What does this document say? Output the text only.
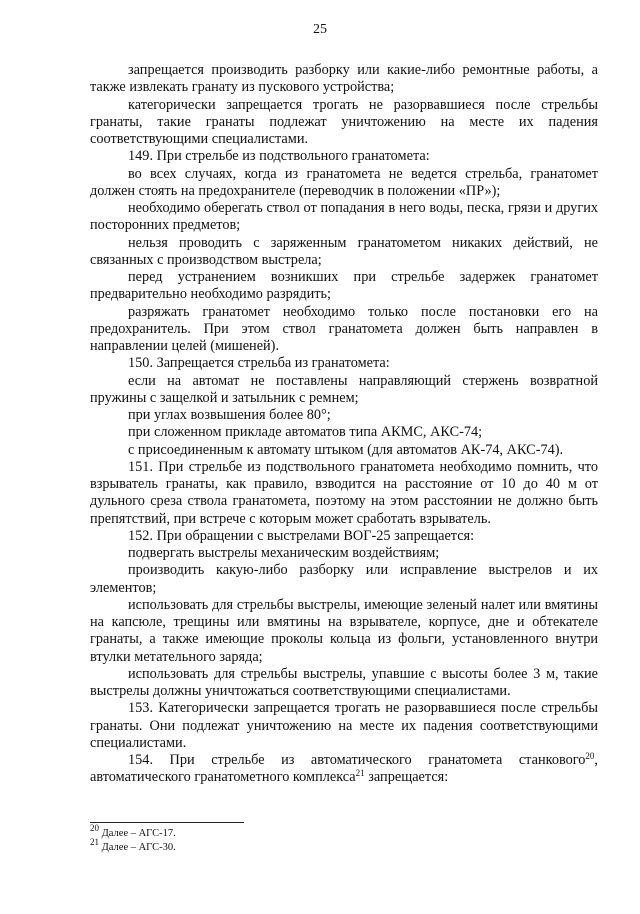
25

запрещается производить разборку или какие-либо ремонтные работы, а также извлекать гранату из пускового устройства;

категорически запрещается трогать не разорвавшиеся после стрельбы гранаты, такие гранаты подлежат уничтожению на месте их падения соответствующими специалистами.

149. При стрельбе из подствольного гранатомета:

во всех случаях, когда из гранатомета не ведется стрельба, гранатомет должен стоять на предохранителе (переводчик в положении «ПР»);

необходимо оберегать ствол от попадания в него воды, песка, грязи и других посторонних предметов;

нельзя проводить с заряженным гранатометом никаких действий, не связанных с производством выстрела;

перед устранением возникших при стрельбе задержек гранатомет предварительно необходимо разрядить;

разряжать гранатомет необходимо только после постановки его на предохранитель. При этом ствол гранатомета должен быть направлен в направлении целей (мишеней).

150. Запрещается стрельба из гранатомета:

если на автомат не поставлены направляющий стержень возвратной пружины с защелкой и затыльник с ремнем;

при углах возвышения более 80°;

при сложенном прикладе автоматов типа АКМС, АКС-74;

с присоединенным к автомату штыком (для автоматов АК-74, АКС-74).

151. При стрельбе из подствольного гранатомета необходимо помнить, что взрыватель гранаты, как правило, взводится на расстояние от 10 до 40 м от дульного среза ствола гранатомета, поэтому на этом расстоянии не должно быть препятствий, при встрече с которым может сработать взрыватель.

152. При обращении с выстрелами ВОГ-25 запрещается:

подвергать выстрелы механическим воздействиям;

производить какую-либо разборку или исправление выстрелов и их элементов;

использовать для стрельбы выстрелы, имеющие зеленый налет или вмятины на капсюле, трещины или вмятины на взрывателе, корпусе, дне и обтекателе гранаты, а также имеющие проколы кольца из фольги, установленного внутри втулки метательного заряда;

использовать для стрельбы выстрелы, упавшие с высоты более 3 м, такие выстрелы должны уничтожаться соответствующими специалистами.

153. Категорически запрещается трогать не разорвавшиеся после стрельбы гранаты. Они подлежат уничтожению на месте их падения соответствующими специалистами.

154. При стрельбе из автоматического гранатомета станкового$^{20}$, автоматического гранатометного комплекса$^{21}$ запрещается:

$^{20}$ Далее – АГС-17.

$^{21}$ Далее – АГС-30.
